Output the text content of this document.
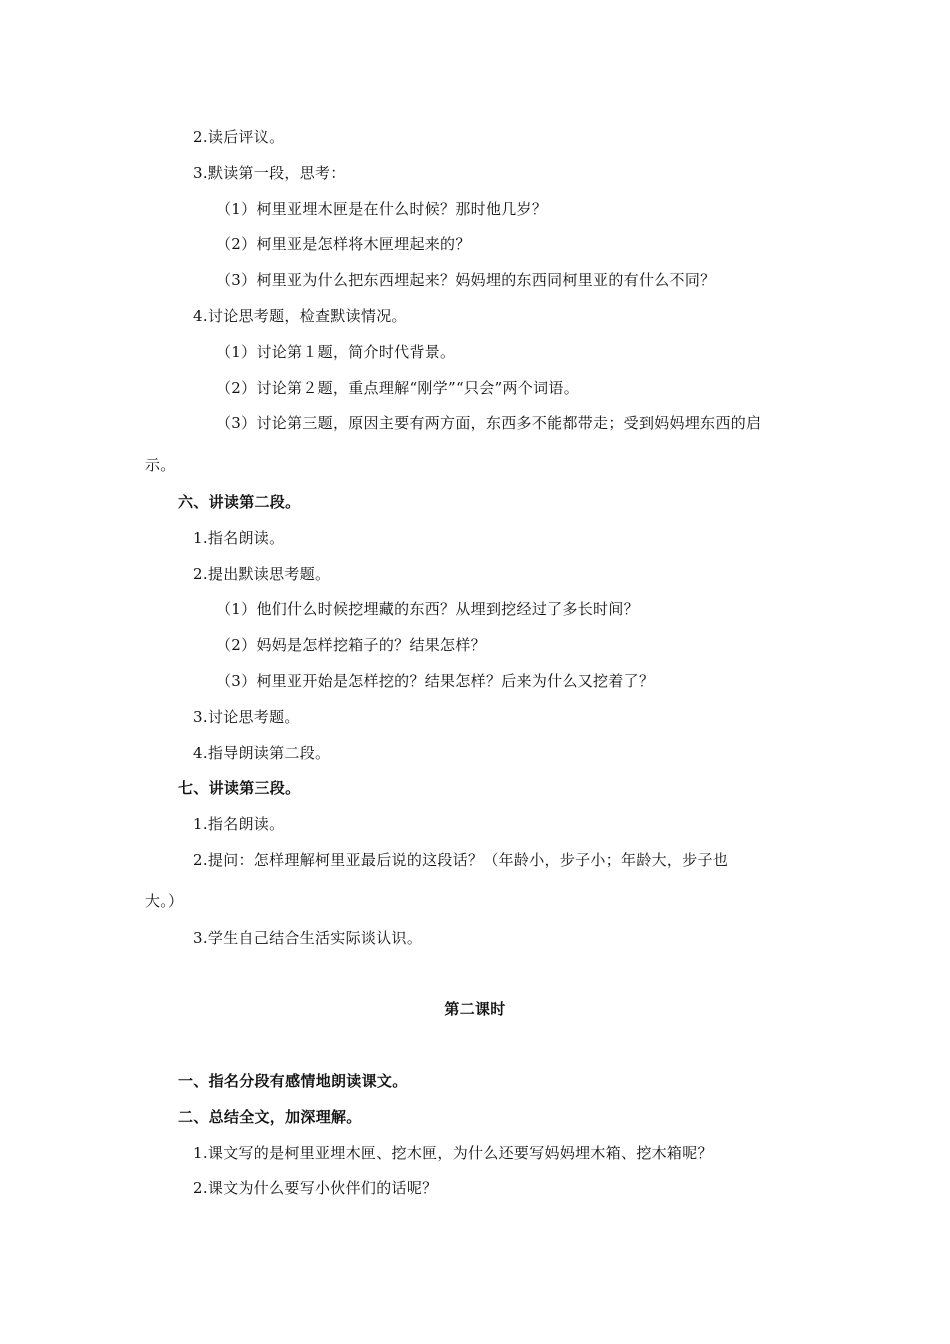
2.读后评议。
3.默读第一段，思考：
（1）柯里亚埋木匣是在什么时候？那时他几岁？
（2）柯里亚是怎样将木匣埋起来的？
（3）柯里亚为什么把东西埋起来？妈妈埋的东西同柯里亚的有什么不同？
4.讨论思考题，检查默读情况。
（1）讨论第１题，简介时代背景。
（2）讨论第２题，重点理解“刚学”“只会”两个词语。
（3）讨论第三题，原因主要有两方面，东西多不能都带走；受到妈妈埋东西的启
示。
六、讲读第二段。
1.指名朗读。
2.提出默读思考题。
（1）他们什么时候挖埋藏的东西？从埋到挖经过了多长时间？
（2）妈妈是怎样挖箱子的？结果怎样？
（3）柯里亚开始是怎样挖的？结果怎样？后来为什么又挖着了？
3.讨论思考题。
4.指导朗读第二段。
七、讲读第三段。
1.指名朗读。
2.提问：怎样理解柯里亚最后说的这段话？（年龄小，步子小；年龄大，步子也
大。）
3.学生自己结合生活实际谈认识。
第二课时
一、指名分段有感情地朗读课文。
二、总结全文，加深理解。
1.课文写的是柯里亚埋木匣、挖木匣，为什么还要写妈妈埋木箱、挖木箱呢？
2.课文为什么要写小伙伴们的话呢？
